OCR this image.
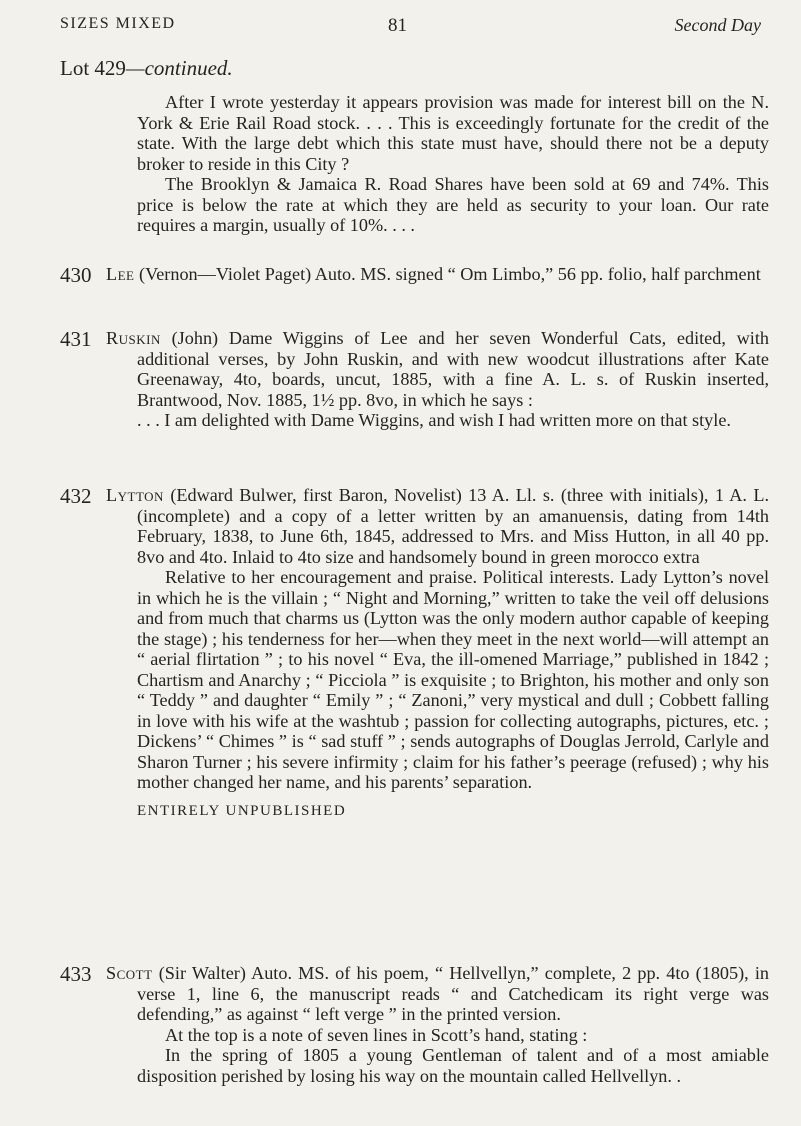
SIZES MIXED	81	Second Day
Lot 429—continued.

After I wrote yesterday it appears provision was made for interest bill on the N. York & Erie Rail Road stock. . . . This is exceedingly fortunate for the credit of the state. With the large debt which this state must have, should there not be a deputy broker to reside in this City ?

The Brooklyn & Jamaica R. Road Shares have been sold at 69 and 74%. This price is below the rate at which they are held as security to your loan. Our rate requires a margin, usually of 10%. . . .

430 Lee (Vernon—Violet Paget) Auto. MS. signed “ Om Limbo,” 56 pp. folio, half parchment

431 Ruskin (John) Dame Wiggins of Lee and her seven Wonderful Cats, edited, with additional verses, by John Ruskin, and with new woodcut illustrations after Kate Greenaway, 4to, boards, uncut, 1885, with a fine A. L. s. of Ruskin inserted, Brantwood, Nov. 1885, 1½ pp. 8vo, in which he says :

. . . I am delighted with Dame Wiggins, and wish I had written more on that style.

432 Lytton (Edward Bulwer, first Baron, Novelist) 13 A. Ll. s. (three with initials), 1 A. L. (incomplete) and a copy of a letter written by an amanuensis, dating from 14th February, 1838, to June 6th, 1845, addressed to Mrs. and Miss Hutton, in all 40 pp. 8vo and 4to. Inlaid to 4to size and handsomely bound in green morocco extra

Relative to her encouragement and praise. Political interests. Lady Lytton’s novel in which he is the villain ; “ Night and Morning,” written to take the veil off delusions and from much that charms us (Lytton was the only modern author capable of keeping the stage) ; his tenderness for her—when they meet in the next world—will attempt an “ aerial flirtation ” ; to his novel “ Eva, the ill-omened Marriage,” published in 1842 ; Chartism and Anarchy ; “ Picciola ” is exquisite ; to Brighton, his mother and only son “ Teddy ” and daughter “ Emily ” ; “ Zanoni,” very mystical and dull ; Cobbett falling in love with his wife at the washtub ; passion for collecting autographs, pictures, etc. ; Dickens’ “ Chimes ” is “ sad stuff ” ; sends autographs of Douglas Jerrold, Carlyle and Sharon Turner ; his severe infirmity ; claim for his father’s peerage (refused) ; why his mother changed her name, and his parents’ separation.

ENTIRELY UNPUBLISHED

433 Scott (Sir Walter) Auto. MS. of his poem, “ Hellvellyn,” complete, 2 pp. 4to (1805), in verse 1, line 6, the manuscript reads “ and Catchedicam its right verge was defending,” as against “ left verge ” in the printed version.

At the top is a note of seven lines in Scott’s hand, stating :

In the spring of 1805 a young Gentleman of talent and of a most amiable disposition perished by losing his way on the mountain called Hellvellyn. .
